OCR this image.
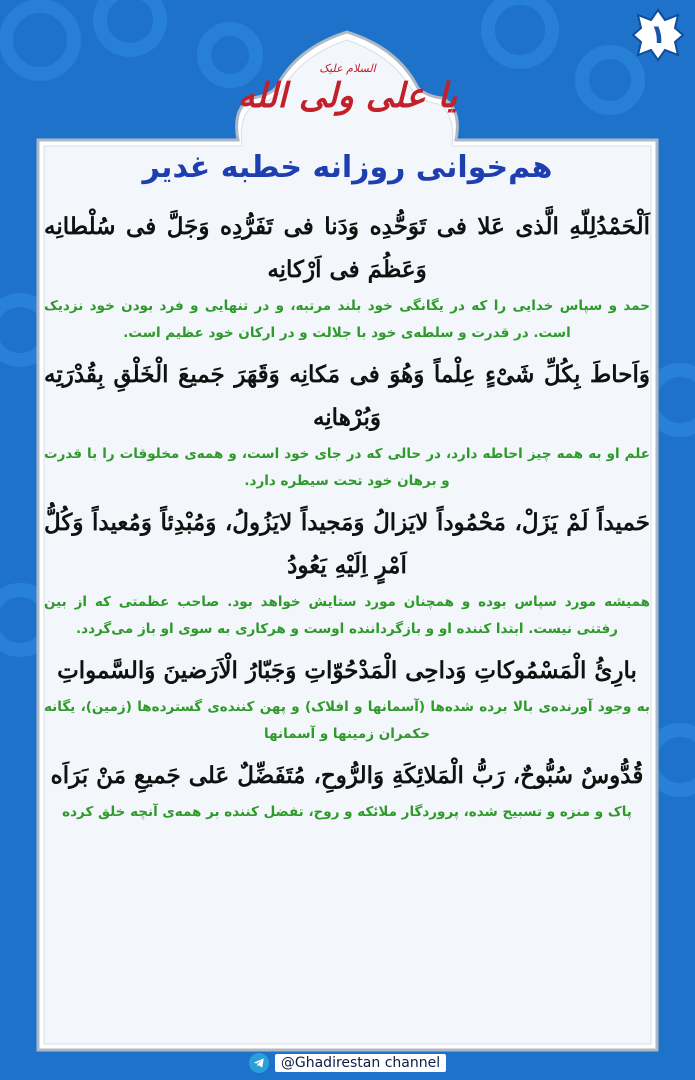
۱
السلام علیک
یا علی ولی الله
هم‌خوانی روزانه خطبه غدیر

اَلْحَمْدُلِلّهِ الَّذى عَلا فى تَوَحُّدِه وَدَنا فى تَفَرُّدِه وَجَلَّ فى سُلْطانِه وَعَظُمَ فى اَرْكانِه

حمد و سپاس خدایی را که در یگانگی خود بلند مرتبه، و در تنهایی و فرد بودن خود نزدیک است. در قدرت و سلطه‌ی خود با جلالت و در ارکان خود عظیم است.

وَاَحاطَ بِكُلِّ شَیْءٍ عِلْماً وَهُوَ فى مَكانِه وَقَهَرَ جَمیعَ الْخَلْقِ بِقُدْرَتِه وَبُرْهانِه

علم او به همه چیز احاطه دارد، در حالی که در جای خود است، و همه‌ی مخلوقات را با قدرت و برهان خود تحت سیطره دارد.

حَمیداً لَمْ یَزَلْ، مَحْمُوداً لایَزالُ وَمَجیداً لایَزُولُ، وَمُبْدِئاً وَمُعیداً وَكُلُّ اَمْرٍ اِلَیْهِ یَعُودُ

همیشه مورد سپاس بوده و همچنان مورد ستایش خواهد بود. صاحب عظمتی که از بین رفتنی نیست. ابتدا کننده او و بازگرداننده اوست و هرکاری به سوی او باز می‌گردد.

بارِئُ الْمَسْمُوكاتِ وَداحِى الْمَدْحُوّاتِ وَجَبّارُ الْاَرَضینَ وَالسَّمواتِ

به وجود آورنده‌ی بالا برده شده‌ها (آسمانها و افلاک) و پهن کننده‌ی گسترده‌ها (زمین)، یگانه حکمران زمینها و آسمانها

قُدُّوسٌ سُبُّوحٌ، رَبُّ الْمَلائِكَةِ وَالرُّوحِ، مُتَفَضِّلٌ عَلى جَمیعِ مَنْ بَرَاَه

پاک و منزه و تسبیح شده، پروردگار ملائکه و روح، تفضل کننده بر همه‌ی آنچه خلق کرده

@Ghadirestan channel
